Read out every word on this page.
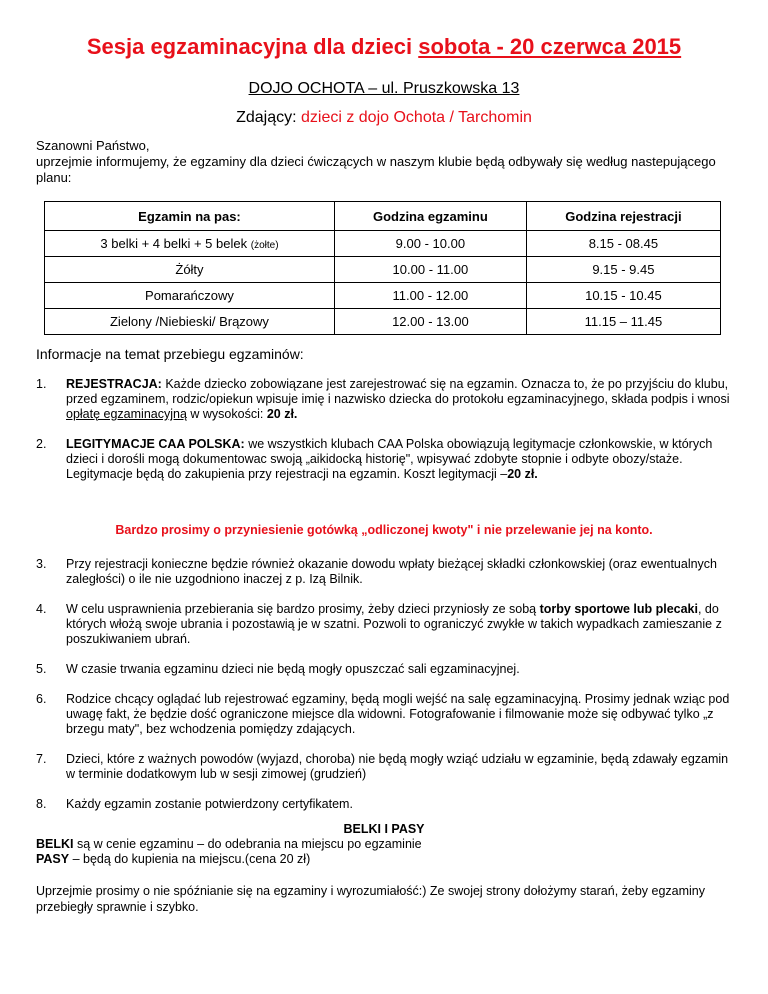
Sesja egzaminacyjna dla dzieci sobota - 20 czerwca 2015
DOJO OCHOTA – ul. Pruszkowska 13
Zdający: dzieci z dojo Ochota / Tarchomin
Szanowni Państwo,
uprzejmie informujemy, że egzaminy dla dzieci ćwiczących w naszym klubie będą odbywały się według nastepującego planu:
Egzamin na pas:	Godzina egzaminu	Godzina rejestracji
3 belki + 4 belki + 5 belek (żołte)	9.00 - 10.00	8.15 - 08.45
Żółty	10.00 - 11.00	9.15 - 9.45
Pomarańczowy	11.00 - 12.00	10.15 - 10.45
Zielony /Niebieski/ Brązowy	12.00 - 13.00	11.15 – 11.45
Informacje na temat przebiegu egzaminów:
1. REJESTRACJA: Każde dziecko zobowiązane jest zarejestrować się na egzamin. Oznacza to, że po przyjściu do klubu, przed egzaminem, rodzic/opiekun wpisuje imię i nazwisko dziecka do protokołu egzaminacyjnego, składa podpis i wnosi opłatę egzaminacyjną w wysokości: 20 zł.
2. LEGITYMACJE CAA POLSKA: we wszystkich klubach CAA Polska obowiązują legitymacje członkowskie, w których dzieci i dorośli mogą dokumentowac swoją „aikidocką historię", wpisywać zdobyte stopnie i odbyte obozy/staże. Legitymacje będą do zakupienia przy rejestracji na egzamin. Koszt legitymacji –20 zł.
Bardzo prosimy o przyniesienie gotówką „odliczonej kwoty" i nie przelewanie jej na konto.
3. Przy rejestracji konieczne będzie również okazanie dowodu wpłaty bieżącej składki członkowskiej (oraz ewentualnych zaległości) o ile nie uzgodniono inaczej z p. Izą Bilnik.
4. W celu usprawnienia przebierania się bardzo prosimy, żeby dzieci przyniosły ze sobą torby sportowe lub plecaki, do których włożą swoje ubrania i pozostawią je w szatni. Pozwoli to ograniczyć zwykłe w takich wypadkach zamieszanie z poszukiwaniem ubrań.
5. W czasie trwania egzaminu dzieci nie będą mogły opuszczać sali egzaminacyjnej.
6. Rodzice chcący oglądać lub rejestrować egzaminy, będą mogli wejść na salę egzaminacyjną. Prosimy jednak wziąc pod uwagę fakt, że będzie dość ograniczone miejsce dla widowni. Fotografowanie i filmowanie może się odbywać tylko „z brzegu maty", bez wchodzenia pomiędzy zdających.
7. Dzieci, które z ważnych powodów (wyjazd, choroba) nie będą mogły wziąć udziału w egzaminie, będą zdawały egzamin w terminie dodatkowym lub w sesji zimowej (grudzień)
8. Każdy egzamin zostanie potwierdzony certyfikatem.
BELKI I PASY
BELKI są w cenie egzaminu – do odebrania na miejscu po egzaminie
PASY – będą do kupienia na miejscu.(cena 20 zł)
Uprzejmie prosimy o nie spóźnianie się na egzaminy i wyrozumiałość:) Ze swojej strony dołożymy starań, żeby egzaminy przebiegły sprawnie i szybko.
